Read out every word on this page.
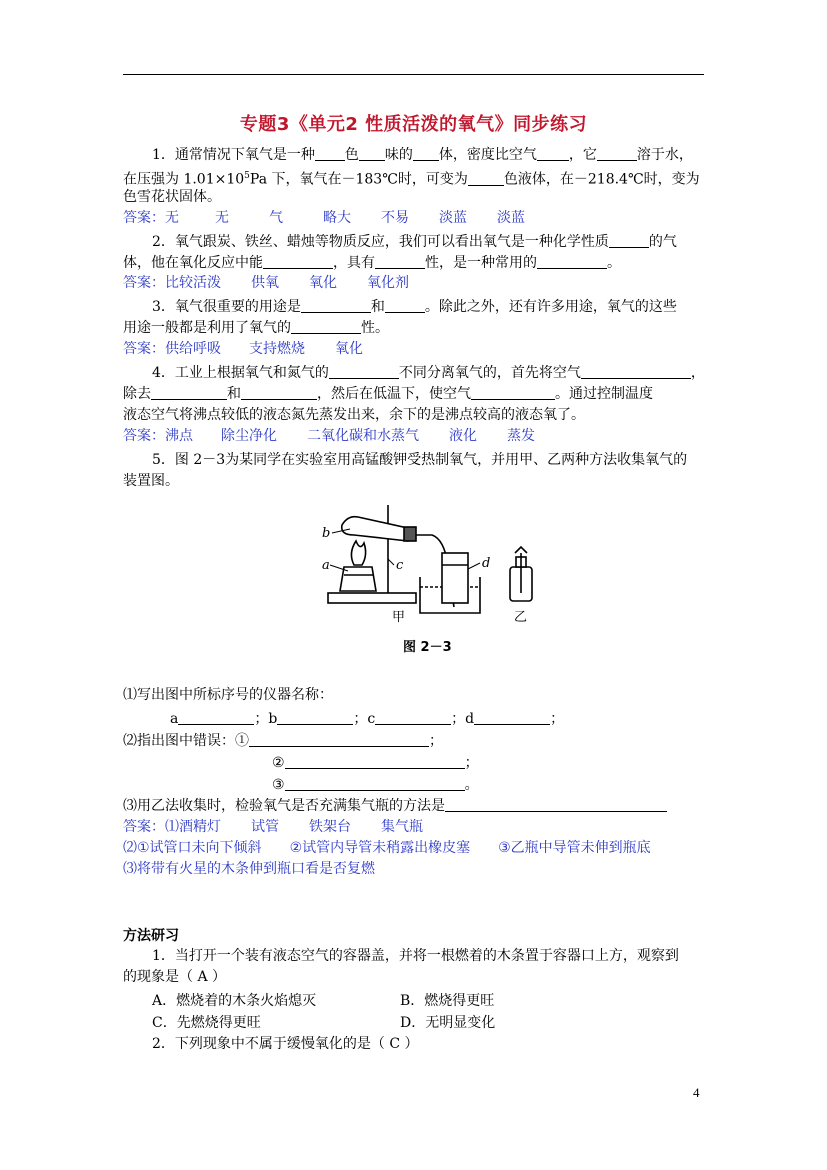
专题3《单元2 性质活泼的氧气》同步练习
1．通常情况下氧气是一种 色 味的 体，密度比空气 ，它	溶于水，
在压强为 $1.01\times 10^5Pa$ 下，氧气在－183℃时，可变为	色液体，在－218.4℃时，变为
色雪花状固体。
答案：无	无	气	略大 不易 淡蓝 淡蓝
2．氧气跟炭、铁丝、蜡烛等物质反应，我们可以看出氧气是一种化学性质	的气
体，他在氧化反应中能	，具有	性，是一种常用的	。
答案：比较活泼 供氧 氧化 氧化剂
3．氧气很重要的用途是	和	。除此之外，还有许多用途，氧气的这些
用途一般都是利用了氧气的	性。
答案：供给呼吸 支持燃烧 氧化
4．工业上根据氧气和氮气的	不同分离氧气的，首先将空气	，
除去	和	，然后在低温下，使空气	。通过控制温度
液态空气将沸点较低的液态氮先蒸发出来，余下的是沸点较高的液态氧了。
答案：沸点 除尘净化 二氧化碳和水蒸气 液化 蒸发
5．图 2－3为某同学在实验室用高锰酸钾受热制氧气，并用甲、乙两种方法收集氧气的
装置图。
b
a	c	d
甲	乙
图 2－3
⑴写出图中所标序号的仪器名称：
a	；b	；c	；d	；
⑵指出图中错误：①	；
②	；
③	。
⑶用乙法收集时，检验氧气是否充满集气瓶的方法是
答案：⑴酒精灯 试管 铁架台 集气瓶
⑵①试管口未向下倾斜 ②试管内导管未稍露出橡皮塞 ③乙瓶中导管未伸到瓶底
⑶将带有火星的木条伸到瓶口看是否复燃
方法研习
1．当打开一个装有液态空气的容器盖，并将一根燃着的木条置于容器口上方，观察到
的现象是（ A ）
A．燃烧着的木条火焰熄灭	B．燃烧得更旺
C．先燃烧得更旺	D．无明显变化
2．下列现象中不属于缓慢氧化的是（ C ）
4
